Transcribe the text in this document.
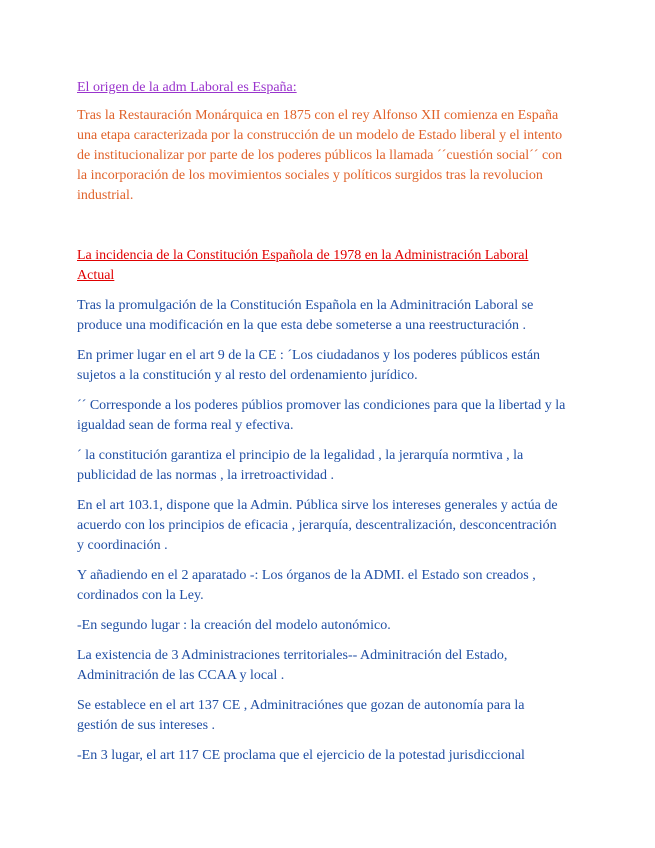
El origen de la adm Laboral es España:

Tras la Restauración Monárquica en 1875 con el rey Alfonso XII comienza en España una etapa caracterizada por la construcción de un modelo de Estado liberal y el intento de institucionalizar por parte de los poderes públicos la llamada ´´cuestión social´´ con la incorporación de los movimientos sociales y políticos surgidos tras la revolucion industrial.

La incidencia de la Constitución Española de 1978 en la Administración Laboral Actual

Tras la promulgación de la Constitución Española en la Adminitración Laboral se produce una modificación en la que esta debe someterse a una reestructuración .

En primer lugar en el art 9 de la CE : ´Los ciudadanos y los poderes públicos están sujetos a la constitución y al resto del ordenamiento jurídico.

´´ Corresponde a los poderes públios promover las condiciones para que la libertad y la igualdad sean de forma real y efectiva.

´ la constitución garantiza el principio de la legalidad , la jerarquía normtiva , la publicidad de las normas , la irretroactividad .

En el art 103.1, dispone que la Admin. Pública sirve los intereses generales y actúa de acuerdo con los principios de eficacia , jerarquía, descentralización, desconcentración y coordinación .

Y añadiendo en el 2 aparatado -: Los órganos de la ADMI. el Estado son creados , cordinados con la Ley.

-En segundo lugar : la creación del modelo autonómico.

La existencia de 3 Administraciones territoriales-- Adminitración del Estado, Adminitración de las CCAA y local .

Se establece en el art 137 CE , Adminitraciónes que gozan de autonomía para la gestión de sus intereses .

-En 3 lugar, el art 117 CE proclama que el ejercicio de la potestad jurisdiccional
